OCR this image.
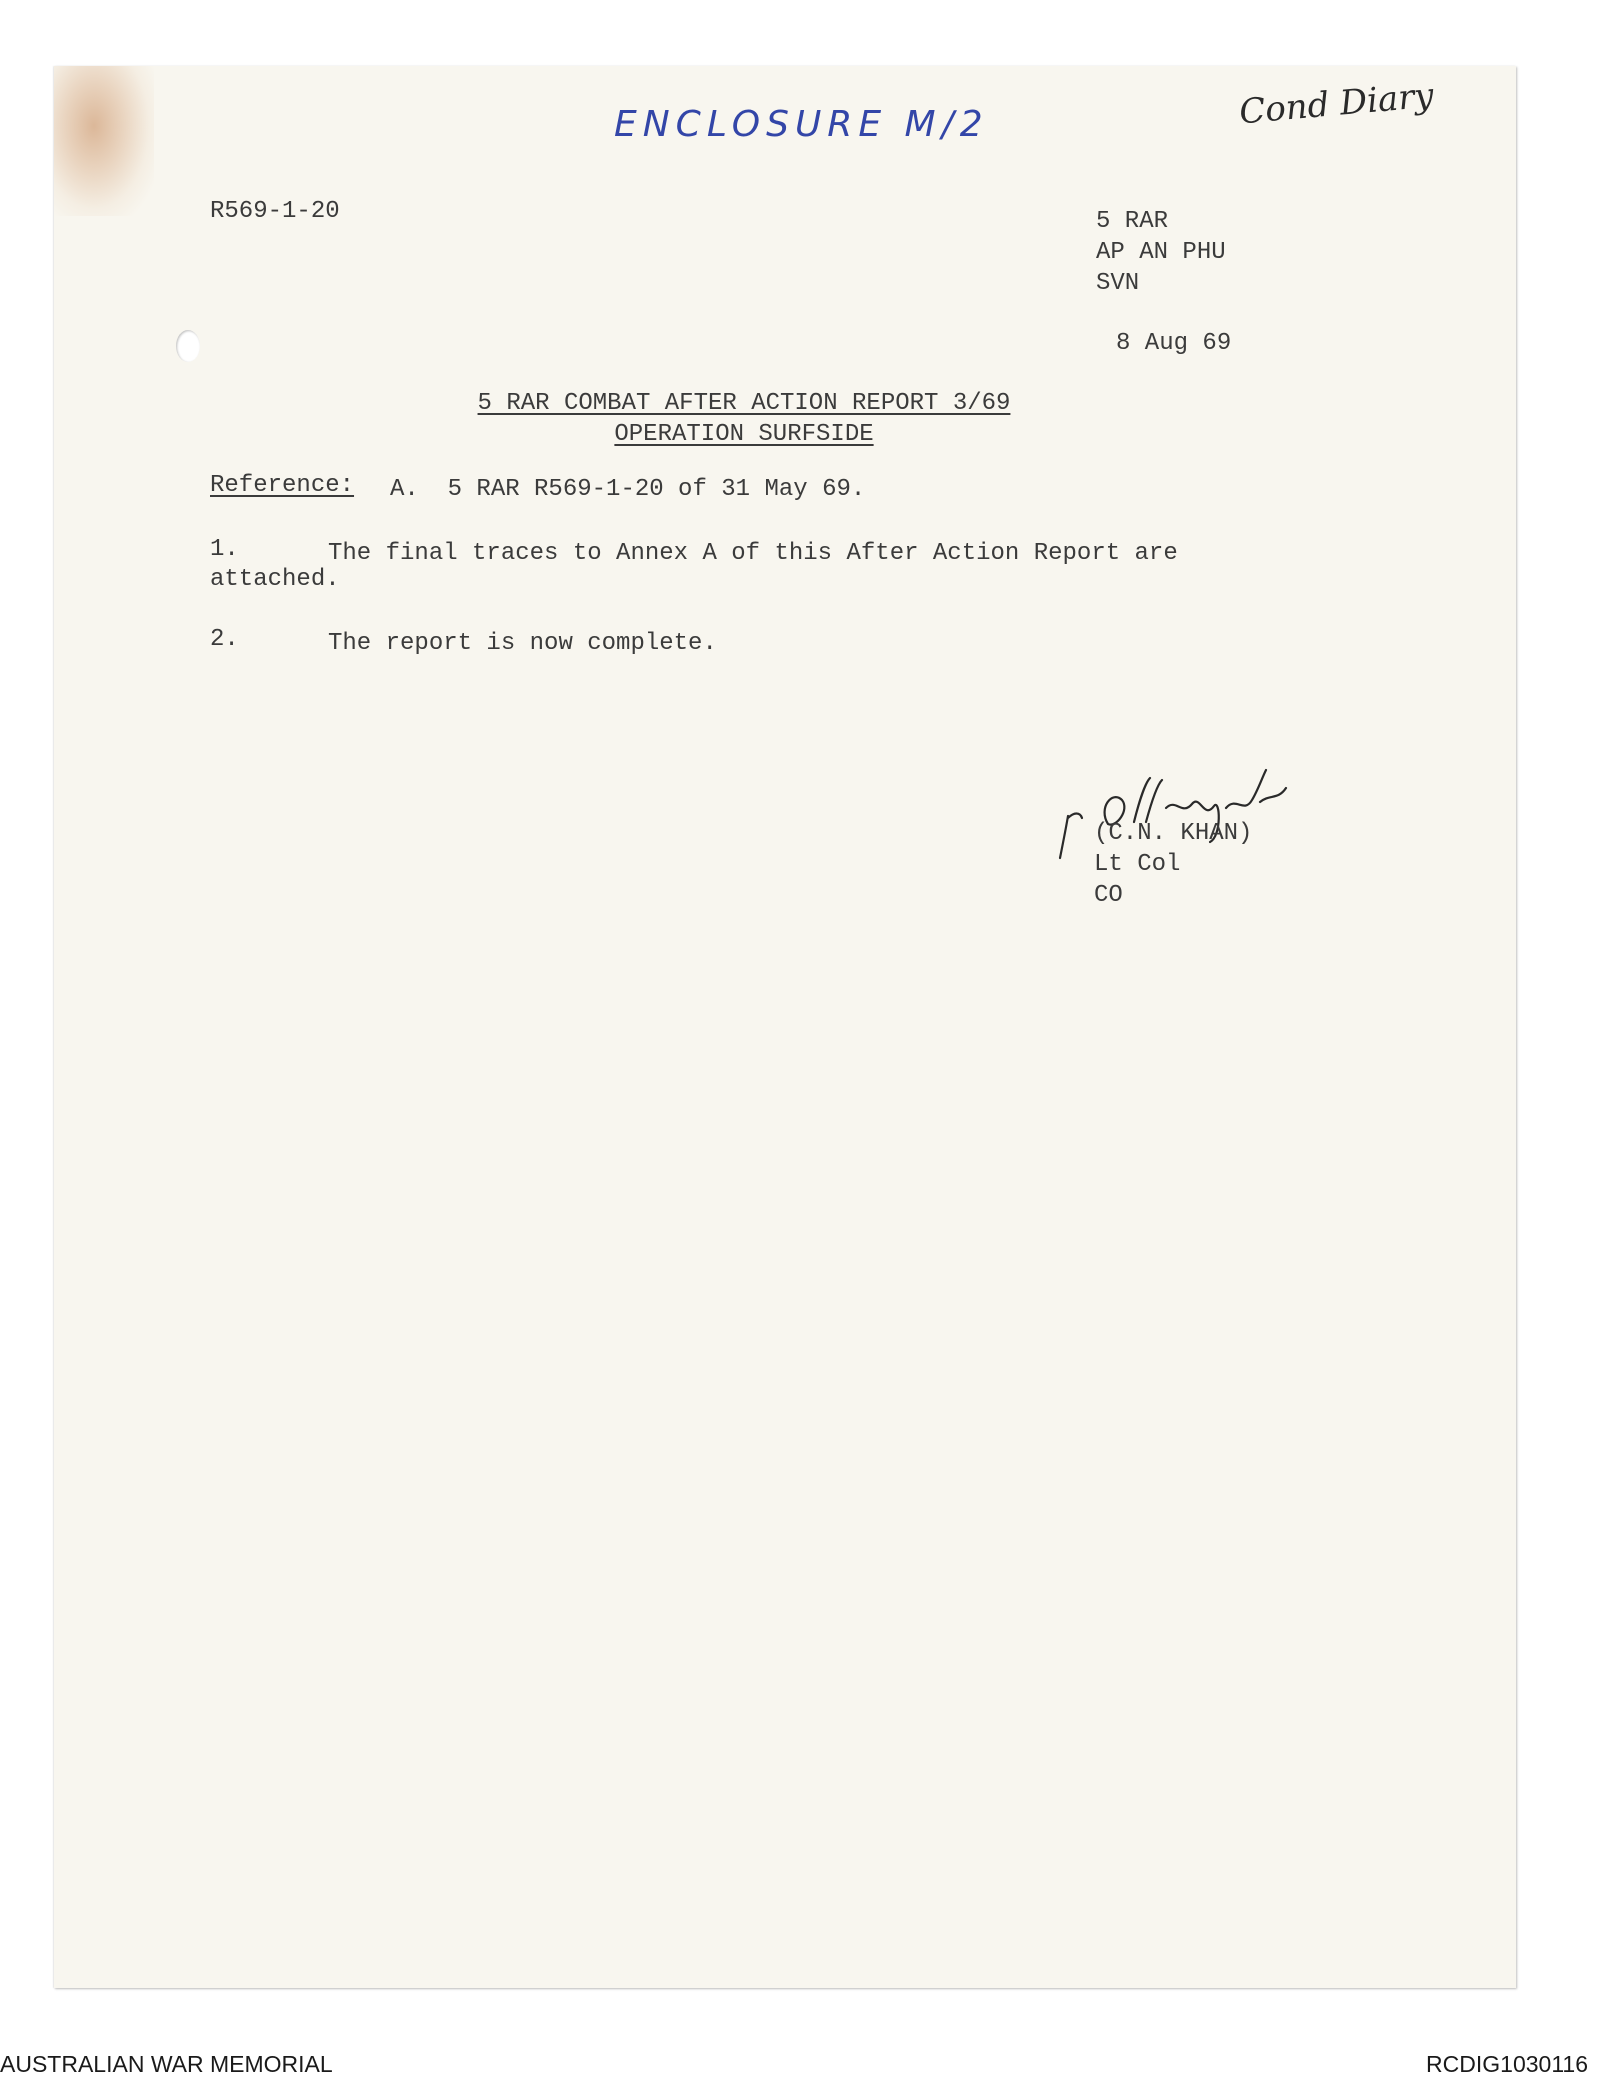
ENCLOSURE M/2	Cond Diary
R569-1-20	5 RAR
AP AN PHU
SVN
8 Aug 69
5 RAR COMBAT AFTER ACTION REPORT 3/69
OPERATION SURFSIDE
Reference: A.  5 RAR R569-1-20 of 31 May 69.
1.	The final traces to Annex A of this After Action Report are
attached.
2.	The report is now complete.
(C.N. KHAN)
Lt Col
CO
AUSTRALIAN WAR MEMORIAL	RCDIG1030116
